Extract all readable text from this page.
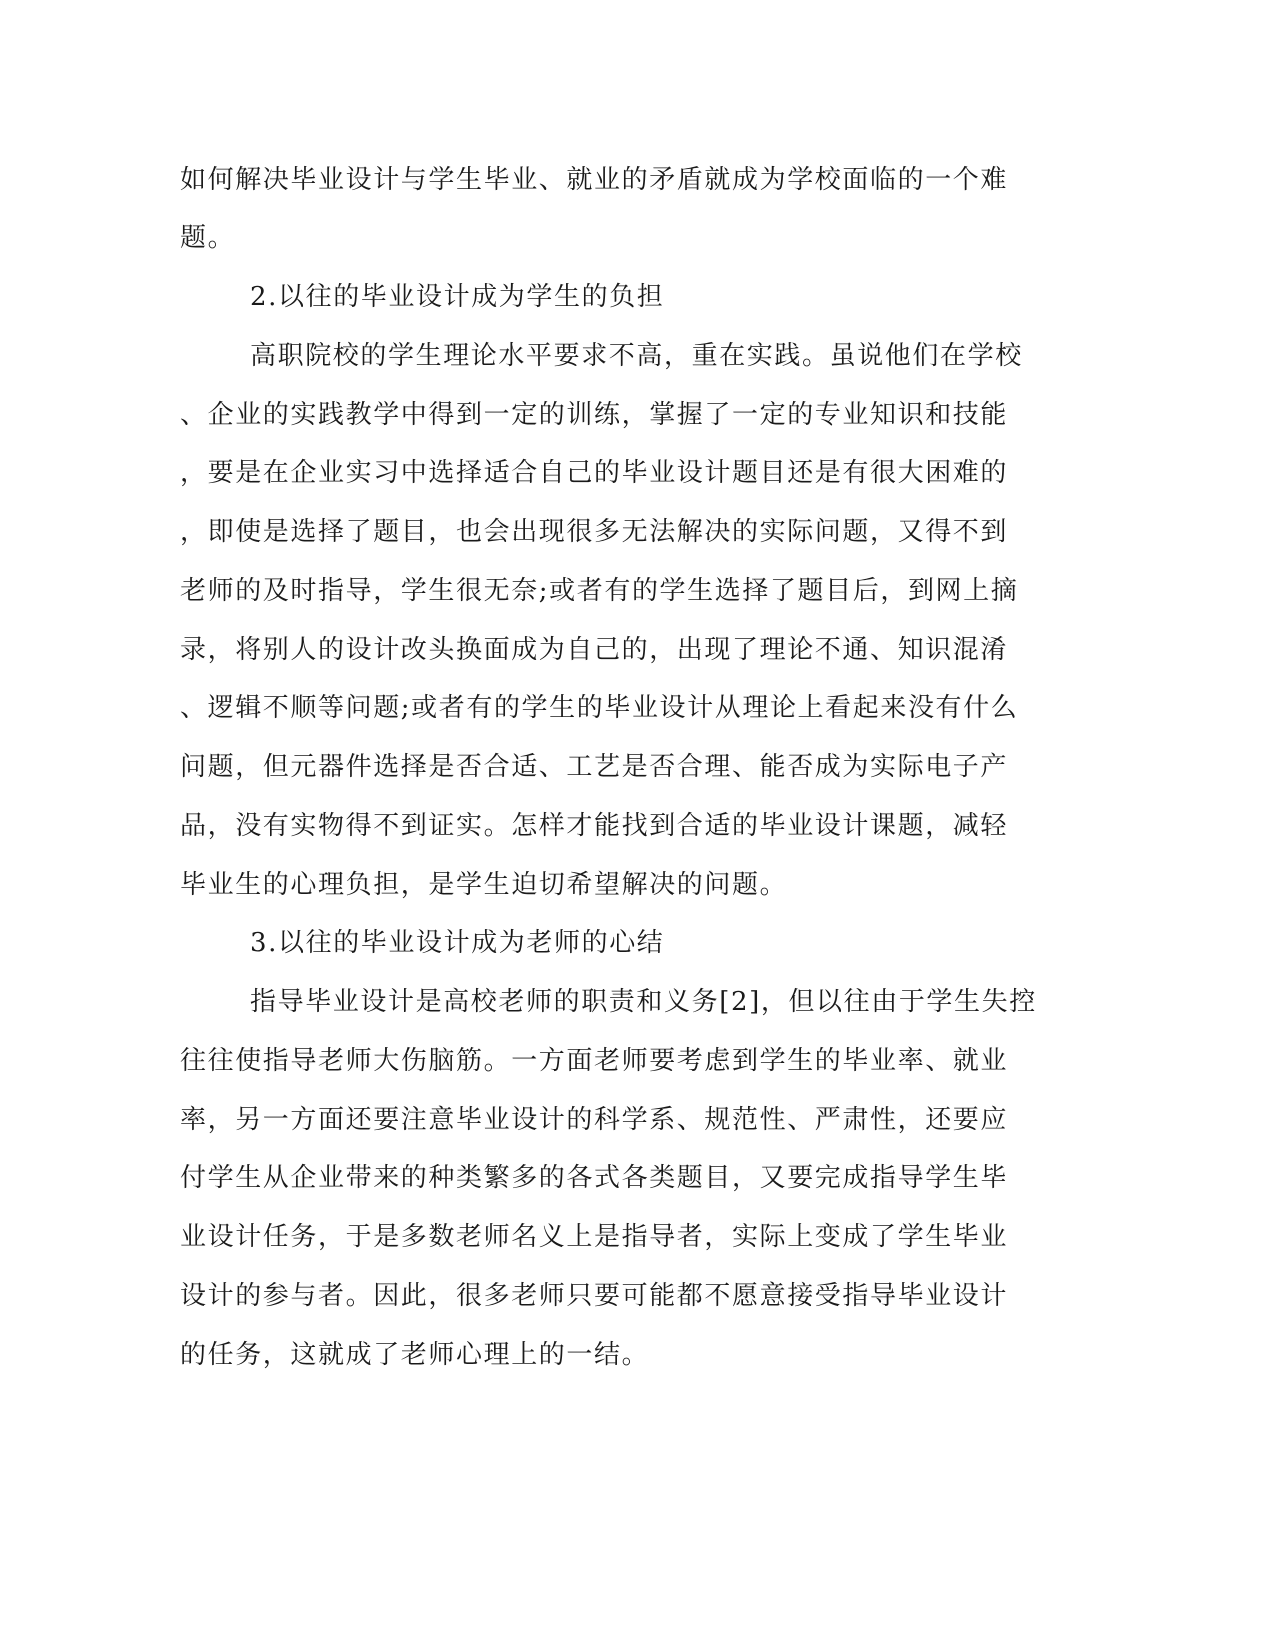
如何解决毕业设计与学生毕业、就业的矛盾就成为学校面临的一个难
题。
2.以往的毕业设计成为学生的负担
高职院校的学生理论水平要求不高，重在实践。虽说他们在学校
、企业的实践教学中得到一定的训练，掌握了一定的专业知识和技能
，要是在企业实习中选择适合自己的毕业设计题目还是有很大困难的
，即使是选择了题目，也会出现很多无法解决的实际问题，又得不到
老师的及时指导，学生很无奈;或者有的学生选择了题目后，到网上摘
录，将别人的设计改头换面成为自己的，出现了理论不通、知识混淆
、逻辑不顺等问题;或者有的学生的毕业设计从理论上看起来没有什么
问题，但元器件选择是否合适、工艺是否合理、能否成为实际电子产
品，没有实物得不到证实。怎样才能找到合适的毕业设计课题，减轻
毕业生的心理负担，是学生迫切希望解决的问题。
3.以往的毕业设计成为老师的心结
指导毕业设计是高校老师的职责和义务[2]，但以往由于学生失控
往往使指导老师大伤脑筋。一方面老师要考虑到学生的毕业率、就业
率，另一方面还要注意毕业设计的科学系、规范性、严肃性，还要应
付学生从企业带来的种类繁多的各式各类题目，又要完成指导学生毕
业设计任务，于是多数老师名义上是指导者，实际上变成了学生毕业
设计的参与者。因此，很多老师只要可能都不愿意接受指导毕业设计
的任务，这就成了老师心理上的一结。
